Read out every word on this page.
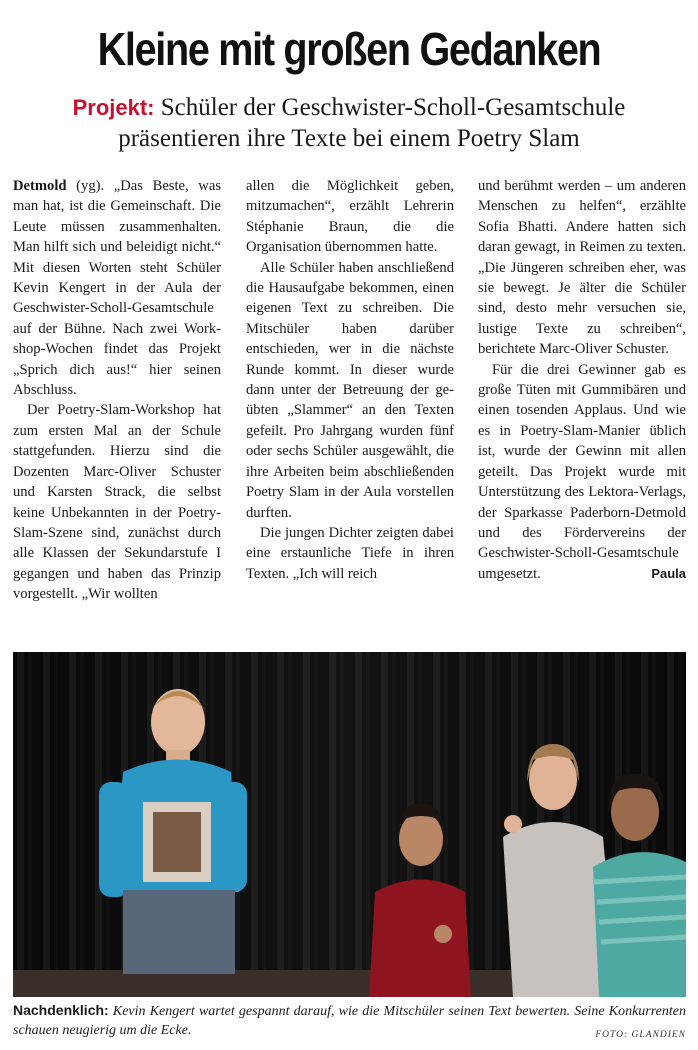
Kleine mit großen Gedanken
Projekt: Schüler der Geschwister-Scholl-Gesamtschule
präsentieren ihre Texte bei einem Poetry Slam

Detmold (yg). „Das Beste, was man hat, ist die Gemeinschaft. Die Leute müssen zusammenhalten. Man hilft sich und beleidigt nicht.“ Mit diesen Worten steht Schüler Kevin Kengert in der Aula der Geschwister-Scholl-Gesamtschule auf der Bühne. Nach zwei Workshop-Wochen findet das Projekt „Sprich dich aus!“ hier seinen Abschluss.

Der Poetry-Slam-Workshop hat zum ersten Mal an der Schule stattgefunden. Hierzu sind die Dozenten Marc-Oliver Schuster und Karsten Strack, die selbst keine Unbekannten in der Poetry-Slam-Szene sind, zunächst durch alle Klassen der Sekundarstufe I gegangen und haben das Prinzip vorgestellt. „Wir wollten

allen die Möglichkeit geben, mitzumachen“, erzählt Lehrerin Stéphanie Braun, die die Organisation übernommen hatte.

Alle Schüler haben anschließend die Hausaufgabe bekommen, einen eigenen Text zu schreiben. Die Mitschüler haben darüber entschieden, wer in die nächste Runde kommt. In dieser wurde dann unter der Betreuung der geübten „Slammer“ an den Texten gefeilt. Pro Jahrgang wurden fünf oder sechs Schüler ausgewählt, die ihre Arbeiten beim abschließenden Poetry Slam in der Aula vorstellen durften.

Die jungen Dichter zeigten dabei eine erstaunliche Tiefe in ihren Texten. „Ich will reich

und berühmt werden – um anderen Menschen zu helfen“, erzählte Sofia Bhatti. Andere hatten sich daran gewagt, in Reimen zu texten. „Die Jüngeren schreiben eher, was sie bewegt. Je älter die Schüler sind, desto mehr versuchen sie, lustige Texte zu schreiben“, berichtete Marc-Oliver Schuster.

Für die drei Gewinner gab es große Tüten mit Gummibären und einen tosenden Applaus. Und wie es in Poetry-Slam-Manier üblich ist, wurde der Gewinn mit allen geteilt. Das Projekt wurde mit Unterstützung des Lektora-Verlags, der Sparkasse Paderborn-Detmold und des Fördervereins der Geschwister-Scholl-Gesamtschule umgesetzt.	Paula

Nachdenklich: Kevin Kengert wartet gespannt darauf, wie die Mitschüler seinen Text bewerten. Seine Konkurrenten schauen neugierig um die Ecke.	FOTO: GLANDIEN
